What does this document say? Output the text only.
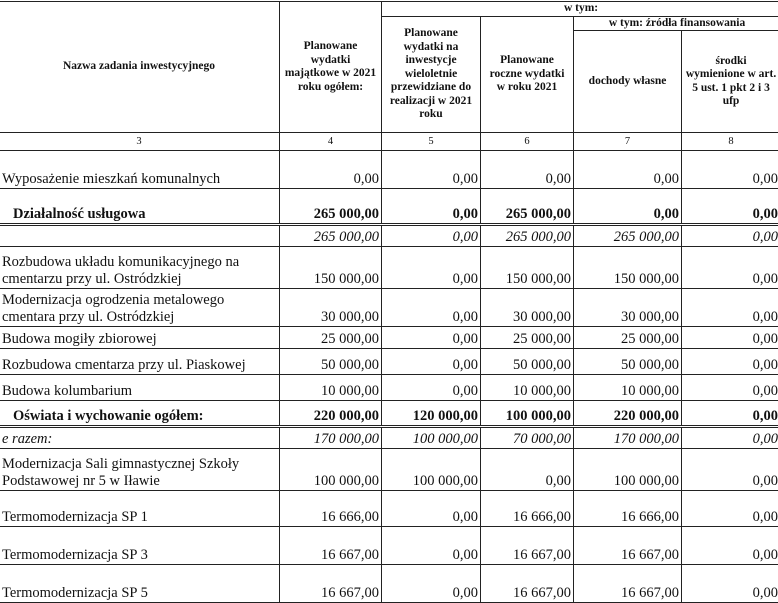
Nazwa zadania inwestycyjnego	Planowane wydatki majątkowe w 2021 roku ogółem:	w tym:			
		Planowane wydatki na inwestycje wieloletnie przewidziane do realizacji w 2021 roku	Planowane roczne wydatki w roku 2021	w tym: źródła finansowania	
				dochody własne	środki wymienione w art. 5 ust. 1 pkt 2 i 3 ufp
3	4	5	6	7	8
Wyposażenie mieszkań komunalnych	0,00	0,00	0,00	0,00	0,00
Działalność usługowa	265 000,00	0,00	265 000,00	0,00	0,00
	265 000,00	0,00	265 000,00	265 000,00	0,00
Rozbudowa układu komunikacyjnego na cmentarzu przy ul. Ostródzkiej	150 000,00	0,00	150 000,00	150 000,00	0,00
Modernizacja ogrodzenia metalowego cmentara przy ul. Ostródzkiej	30 000,00	0,00	30 000,00	30 000,00	0,00
Budowa mogiły zbiorowej	25 000,00	0,00	25 000,00	25 000,00	0,00
Rozbudowa cmentarza przy ul. Piaskowej	50 000,00	0,00	50 000,00	50 000,00	0,00
Budowa kolumbarium	10 000,00	0,00	10 000,00	10 000,00	0,00
Oświata i wychowanie ogółem:	220 000,00	120 000,00	100 000,00	220 000,00	0,00
e razem:	170 000,00	100 000,00	70 000,00	170 000,00	0,00
Modernizacja Sali gimnastycznej Szkoły Podstawowej nr 5 w Iławie	100 000,00	100 000,00	0,00	100 000,00	0,00
Termomodernizacja SP 1	16 666,00	0,00	16 666,00	16 666,00	0,00
Termomodernizacja SP 3	16 667,00	0,00	16 667,00	16 667,00	0,00
Termomodernizacja SP 5	16 667,00	0,00	16 667,00	16 667,00	0,00
